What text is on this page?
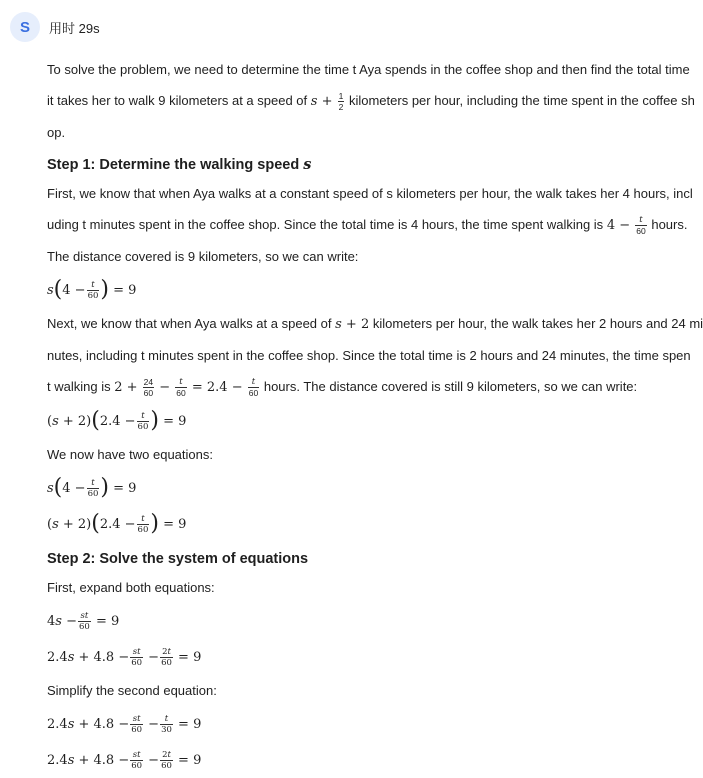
S	用时 29s
To solve the problem, we need to determine the time t Aya spends in the coffee shop and then find the total time
it takes her to walk 9 kilometers at a speed of $s + \frac{1}{2}$ kilometers per hour, including the time spent in the coffee sh
op.
Step 1: Determine the walking speed s
First, we know that when Aya walks at a constant speed of s kilometers per hour, the walk takes her 4 hours, incl
uding t minutes spent in the coffee shop. Since the total time is 4 hours, the time spent walking is $4 - \frac{t}{60}$ hours.
The distance covered is 9 kilometers, so we can write:
s ( $4 - \frac{t}{60}$ ) = 9
Next, we know that when Aya walks at a speed of s + 2 kilometers per hour, the walk takes her 2 hours and 24 mi
nutes, including t minutes spent in the coffee shop. Since the total time is 2 hours and 24 minutes, the time spen
t walking is $2 + \frac{24}{60} - \frac{t}{60} = 2.4 - \frac{t}{60}$ hours. The distance covered is still 9 kilometers, so we can write:
( s + 2) ( $2.4 - \frac{t}{60}$ ) = 9
We now have two equations:
s ( $4 - \frac{t}{60}$ ) = 9
( s + 2) ( $2.4 - \frac{t}{60}$ ) = 9
Step 2: Solve the system of equations
First, expand both equations:
4 $s - \frac{st}{60} = 9$
2.4 $s + 4.8 - \frac{st}{60} - \frac{2t}{60} = 9$
Simplify the second equation:
2.4 $s + 4.8 - \frac{st}{60} - \frac{t}{30} = 9$
2.4 $s + 4.8 - \frac{st}{60} - \frac{2t}{60} = 9$
